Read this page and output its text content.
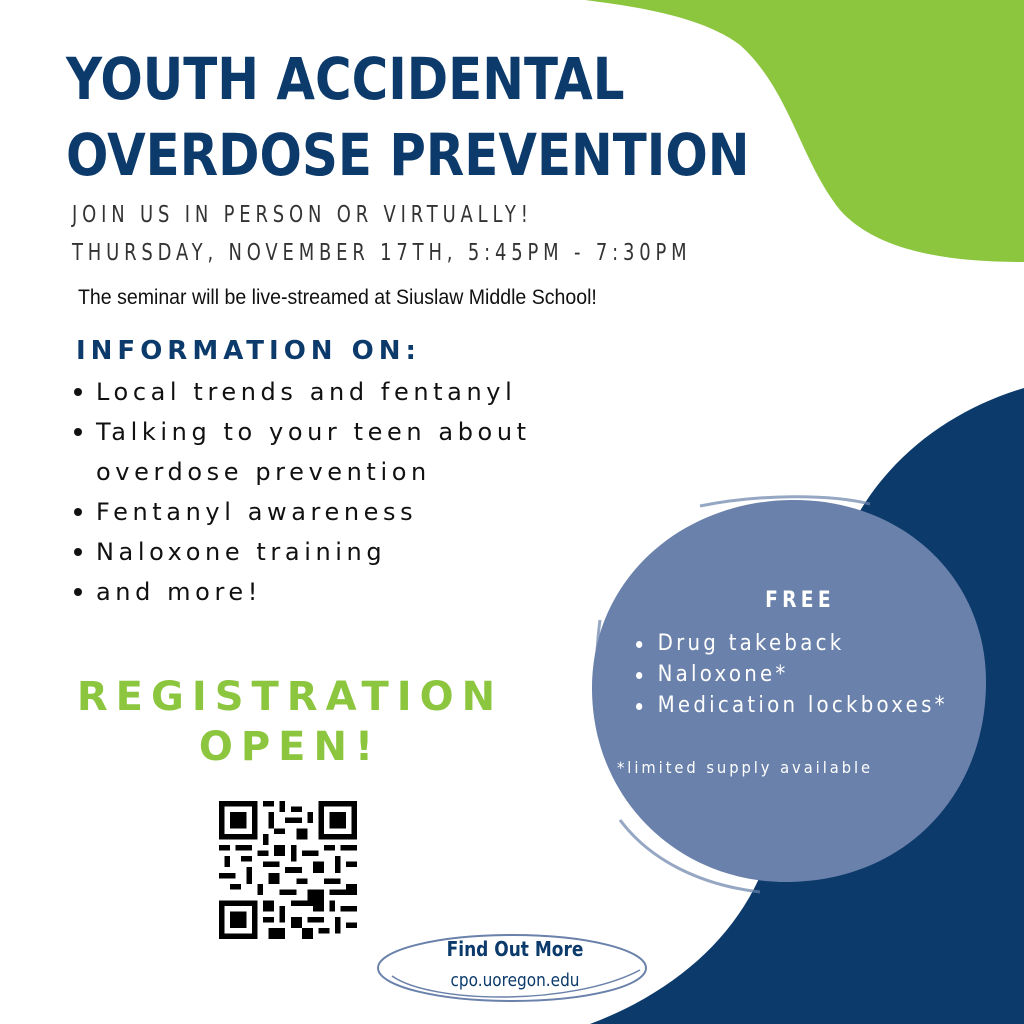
YOUTH ACCIDENTAL
OVERDOSE PREVENTION
JOIN US IN PERSON OR VIRTUALLY!
THURSDAY, NOVEMBER 17TH, 5:45PM - 7:30PM
The seminar will be live-streamed at Siuslaw Middle School!
INFORMATION ON:
Local trends and fentanyl
Talking to your teen about
overdose prevention
Fentanyl awareness
Naloxone training
and more!
REGISTRATION
OPEN!
Find Out More
cpo.uoregon.edu
FREE
Drug takeback
Naloxone*
Medication lockboxes*
*limited supply available
